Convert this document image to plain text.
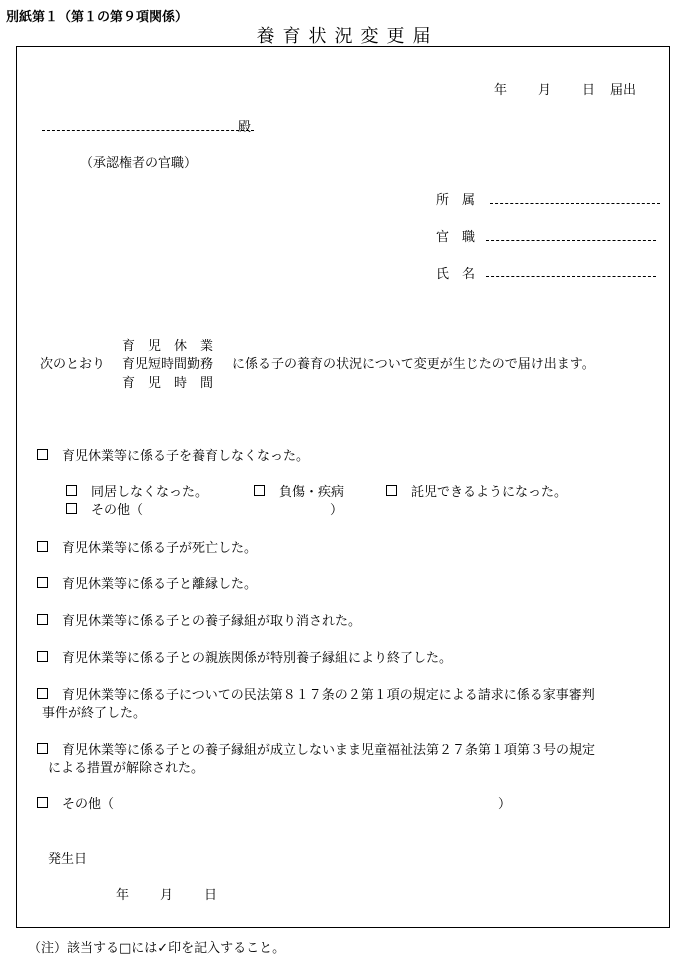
別紙第１（第１の第９項関係）
養育状況変更届
年 月 日 届出
殿
（承認権者の官職）
所　属
官　職
氏　名
育　児　休　業
次のとおり 育児短時間勤務 に係る子の養育の状況について変更が生じたので届け出ます。
育　児　時　間
育児休業等に係る子を養育しなくなった。
同居しなくなった。	負傷・疾病	託児できるようになった。
その他（	）
育児休業等に係る子が死亡した。
育児休業等に係る子と離縁した。
育児休業等に係る子との養子縁組が取り消された。
育児休業等に係る子との親族関係が特別養子縁組により終了した。
育児休業等に係る子についての民法第８１７条の２第１項の規定による請求に係る家事審判
事件が終了した。
育児休業等に係る子との養子縁組が成立しないまま児童福祉法第２７条第１項第３号の規定
による措置が解除された。
その他（	）
発生日
年 月 日
（注）該当する□には✓印を記入すること。
